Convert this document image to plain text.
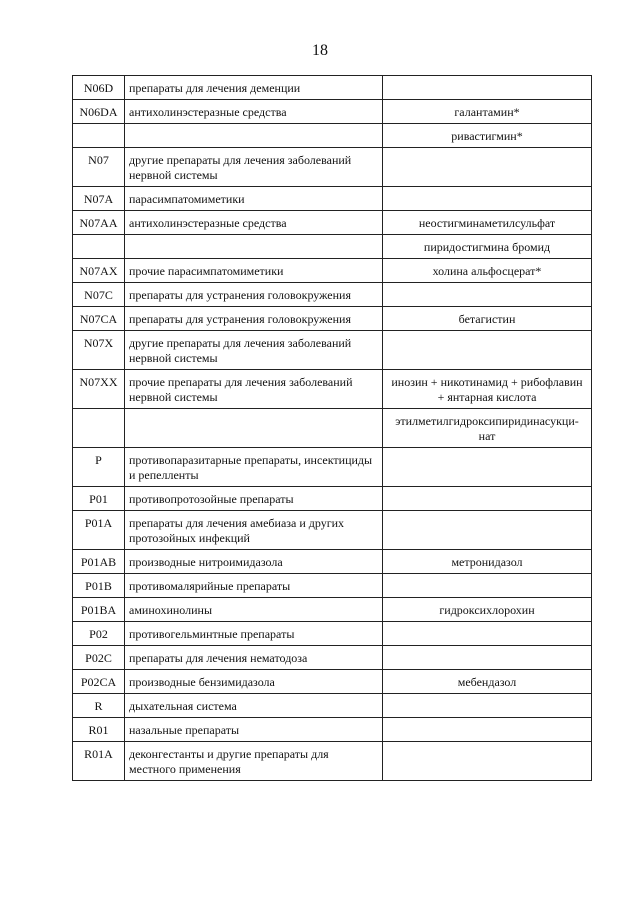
18
N06D	препараты для лечения деменции	
N06DA	антихолинэстеразные средства	галантамин*
		ривастигмин*
N07	другие препараты для лечения заболеваний нервной системы	
N07A	парасимпатомиметики	
N07AA	антихолинэстеразные средства	неостигминаметилсульфат
		пиридостигмина бромид
N07AX	прочие парасимпатомиметики	холина альфосцерат*
N07C	препараты для устранения головокружения	
N07CA	препараты для устранения головокружения	бетагистин
N07X	другие препараты для лечения заболеваний нервной системы	
N07XX	прочие препараты для лечения заболеваний нервной системы	инозин + никотинамид + рибофлавин + янтарная кислота
		этилметилгидроксипиридинасукци-нат
P	противопаразитарные препараты, инсектициды и репелленты	
P01	противопротозойные препараты	
P01A	препараты для лечения амебиаза и других протозойных инфекций	
P01AB	производные нитроимидазола	метронидазол
P01B	противомалярийные препараты	
P01BA	аминохинолины	гидроксихлорохин
P02	противогельминтные препараты	
P02C	препараты для лечения нематодоза	
P02CA	производные бензимидазола	мебендазол
R	дыхательная система	
R01	назальные препараты	
R01A	деконгестанты и другие препараты для местного применения	
